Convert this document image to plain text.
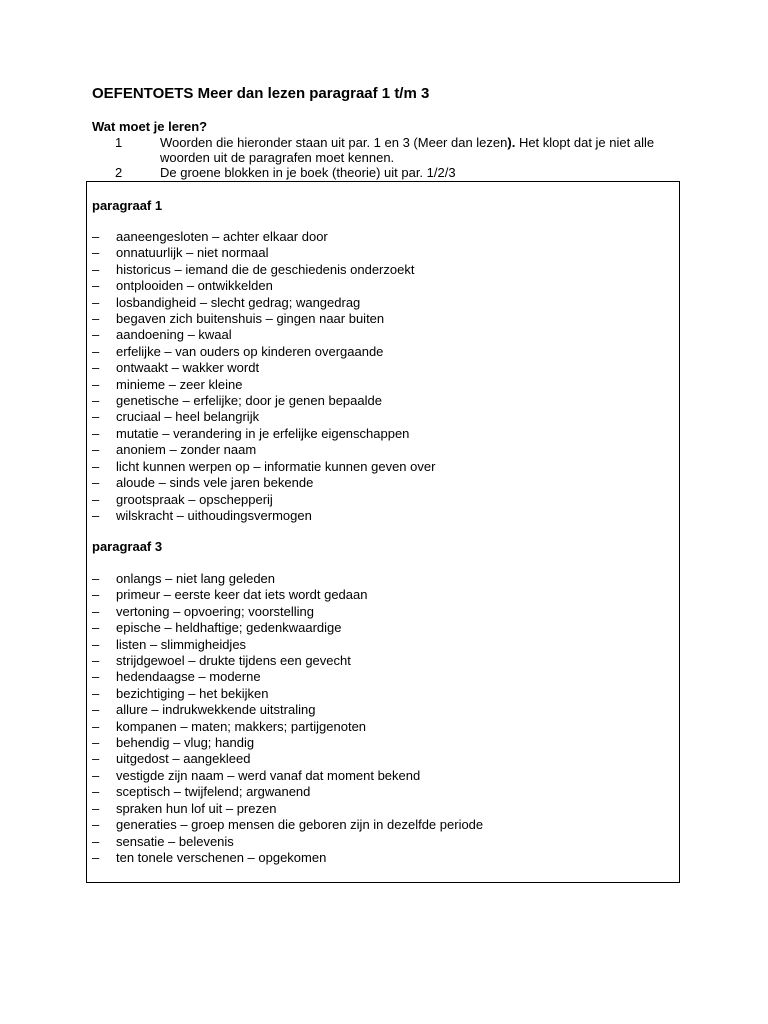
OEFENTOETS Meer dan lezen paragraaf 1 t/m 3
Wat moet je leren?
1	Woorden die hieronder staan uit par. 1 en 3 (Meer dan lezen). Het klopt dat je niet alle woorden uit de paragrafen moet kennen.
2	De groene blokken in je boek (theorie) uit par. 1/2/3
paragraaf 1
–	aaneengesloten – achter elkaar door
–	onnatuurlijk – niet normaal
–	historicus – iemand die de geschiedenis onderzoekt
–	ontplooiden – ontwikkelden
–	losbandigheid – slecht gedrag; wangedrag
–	begaven zich buitenshuis – gingen naar buiten
–	aandoening – kwaal
–	erfelijke – van ouders op kinderen overgaande
–	ontwaakt – wakker wordt
–	minieme – zeer kleine
–	genetische – erfelijke; door je genen bepaalde
–	cruciaal – heel belangrijk
–	mutatie – verandering in je erfelijke eigenschappen
–	anoniem – zonder naam
–	licht kunnen werpen op – informatie kunnen geven over
–	aloude – sinds vele jaren bekende
–	grootspraak – opschepperij
–	wilskracht – uithoudingsvermogen
paragraaf 3
–	onlangs – niet lang geleden
–	primeur – eerste keer dat iets wordt gedaan
–	vertoning – opvoering; voorstelling
–	epische – heldhaftige; gedenkwaardige
–	listen – slimmigheidjes
–	strijdgewoel – drukte tijdens een gevecht
–	hedendaagse – moderne
–	bezichtiging – het bekijken
–	allure – indrukwekkende uitstraling
–	kompanen – maten; makkers; partijgenoten
–	behendig – vlug; handig
–	uitgedost – aangekleed
–	vestigde zijn naam – werd vanaf dat moment bekend
–	sceptisch – twijfelend; argwanend
–	spraken hun lof uit – prezen
–	generaties – groep mensen die geboren zijn in dezelfde periode
–	sensatie – belevenis
–	ten tonele verschenen – opgekomen
